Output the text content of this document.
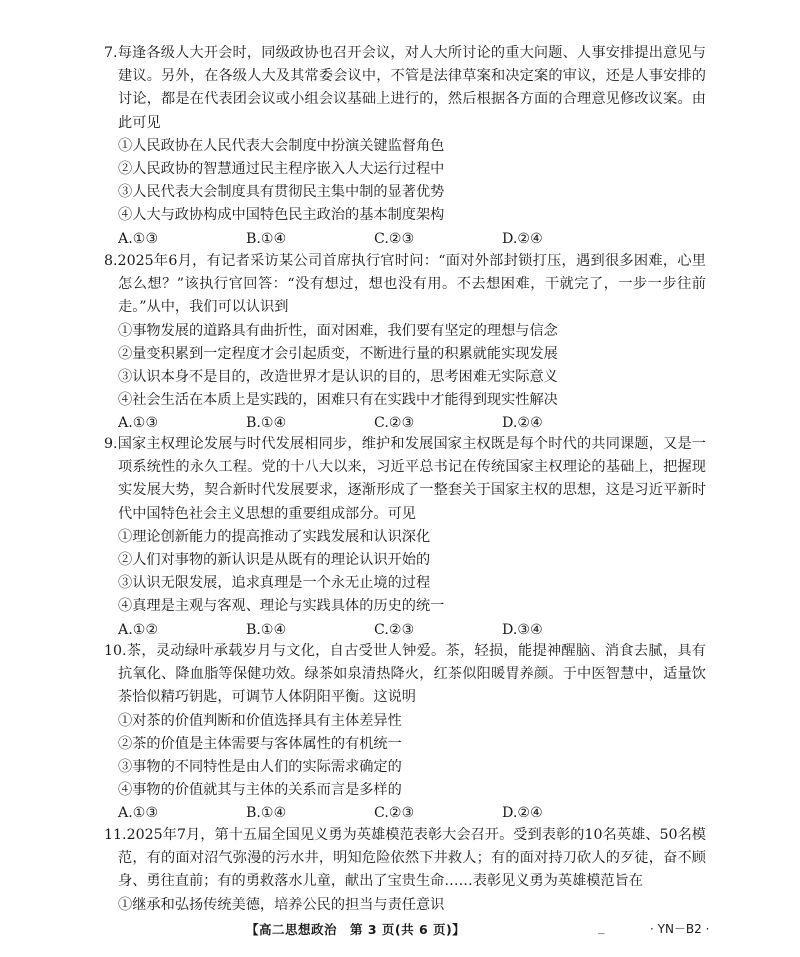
7.每逢各级人大开会时，同级政协也召开会议，对人大所讨论的重大问题、人事安排提出意见与建议。另外，在各级人大及其常委会议中，不管是法律草案和决定案的审议，还是人事安排的讨论，都是在代表团会议或小组会议基础上进行的，然后根据各方面的合理意见修改议案。由此可见

①人民政协在人民代表大会制度中扮演关键监督角色

②人民政协的智慧通过民主程序嵌入人大运行过程中

③人民代表大会制度具有贯彻民主集中制的显著优势

④人大与政协构成中国特色民主政治的基本制度架构

A.①③	B.①④	C.②③	D.②④

8.2025年6月，有记者采访某公司首席执行官时问：“面对外部封锁打压，遇到很多困难，心里怎么想？”该执行官回答：“没有想过，想也没有用。不去想困难，干就完了，一步一步往前走。”从中，我们可以认识到

①事物发展的道路具有曲折性，面对困难，我们要有坚定的理想与信念

②量变积累到一定程度才会引起质变，不断进行量的积累就能实现发展

③认识本身不是目的，改造世界才是认识的目的，思考困难无实际意义

④社会生活在本质上是实践的，困难只有在实践中才能得到现实性解决

A.①③	B.①④	C.②③	D.②④

9.国家主权理论发展与时代发展相同步，维护和发展国家主权既是每个时代的共同课题，又是一项系统性的永久工程。党的十八大以来，习近平总书记在传统国家主权理论的基础上，把握现实发展大势，契合新时代发展要求，逐渐形成了一整套关于国家主权的思想，这是习近平新时代中国特色社会主义思想的重要组成部分。可见

①理论创新能力的提高推动了实践发展和认识深化

②人们对事物的新认识是从既有的理论认识开始的

③认识无限发展，追求真理是一个永无止境的过程

④真理是主观与客观、理论与实践具体的历史的统一

A.①②	B.①④	C.②③	D.③④

10.茶，灵动绿叶承载岁月与文化，自古受世人钟爱。茶，轻损，能提神醒脑、消食去腻，具有抗氧化、降血脂等保健功效。绿茶如泉清热降火，红茶似阳暖胃养颜。于中医智慧中，适量饮茶恰似精巧钥匙，可调节人体阴阳平衡。这说明

①对茶的价值判断和价值选择具有主体差异性

②茶的价值是主体需要与客体属性的有机统一

③事物的不同特性是由人们的实际需求确定的

④事物的价值就其与主体的关系而言是多样的

A.①③	B.①④	C.②③	D.②④

11.2025年7月，第十五届全国见义勇为英雄模范表彰大会召开。受到表彰的10名英雄、50名模范，有的面对沼气弥漫的污水井，明知危险依然下井救人；有的面对持刀砍人的歹徒，奋不顾身、勇往直前；有的勇救落水儿童，献出了宝贵生命……表彰见义勇为英雄模范旨在

①继承和弘扬传统美德，培养公民的担当与责任意识

【高二思想政治　第 3 页(共 6 页)】	_	· YN－B2 ·
